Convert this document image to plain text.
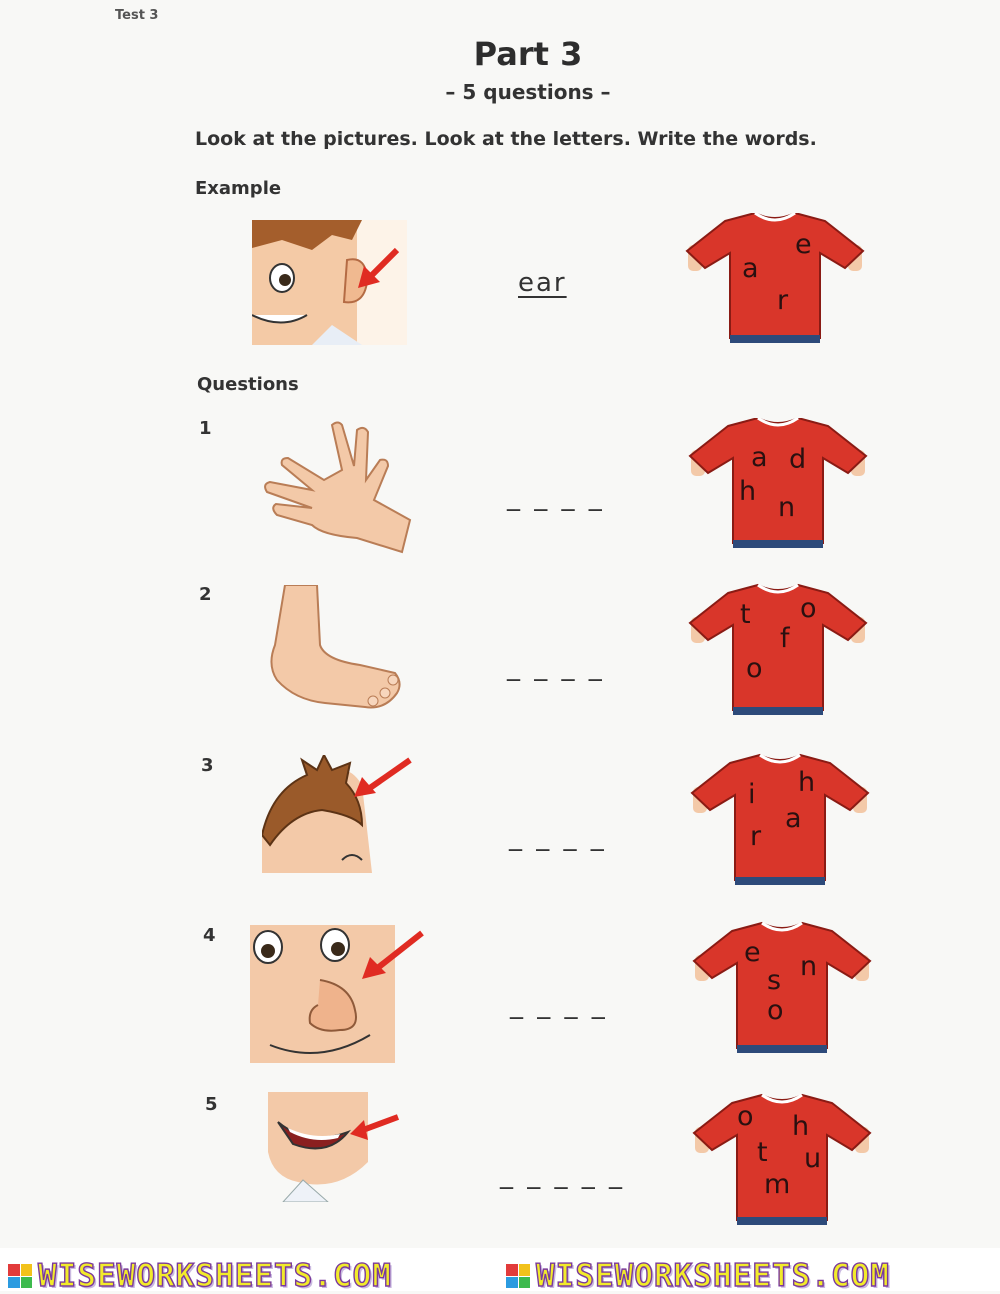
Test 3
Part 3
– 5 questions –
Look at the pictures. Look at the letters. Write the words.
Example
ear
e
a
r
Questions
1
_ _ _ _
a d
h
n
2
_ _ _ _
t o
f
o
3
_ _ _ _
i h
a
r
4
_ _ _ _
e n
s
o
5
_ _ _ _ _
o h
t u
m
WISEWORKSHEETS.COM	WISEWORKSHEETS.COM
